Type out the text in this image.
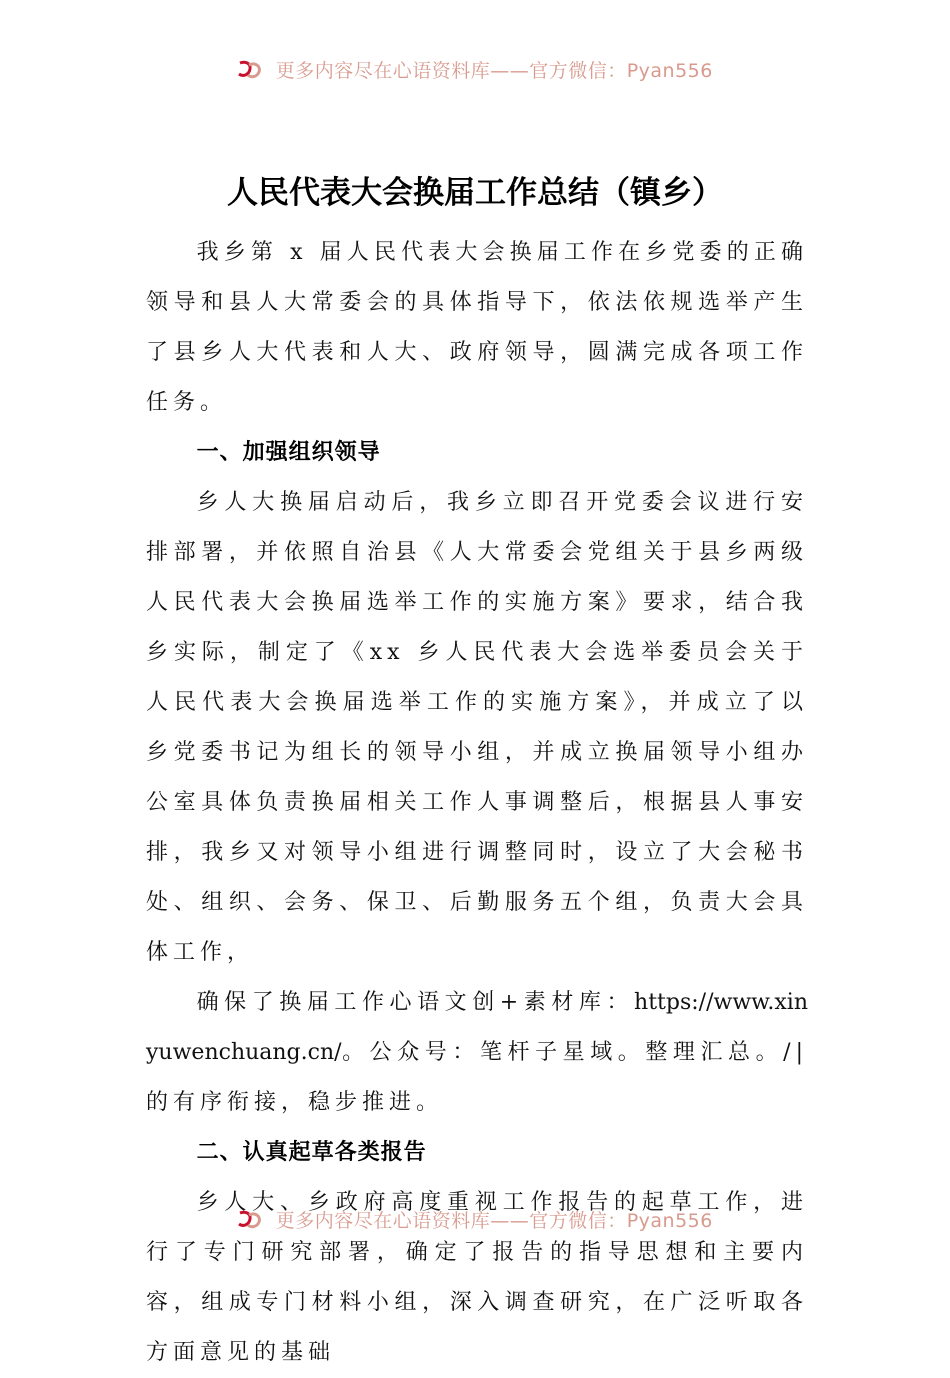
更多内容尽在心语资料库——官方微信：Pyan556
人民代表大会换届工作总结（镇乡）

我乡第 x 届人民代表大会换届工作在乡党委的正确领导和县人大常委会的具体指导下，依法依规选举产生了县乡人大代表和人大、政府领导，圆满完成各项工作任务。

一、加强组织领导

乡人大换届启动后，我乡立即召开党委会议进行安排部署，并依照自治县《人大常委会党组关于县乡两级人民代表大会换届选举工作的实施方案》要求，结合我乡实际，制定了《xx 乡人民代表大会选举委员会关于人民代表大会换届选举工作的实施方案》，并成立了以乡党委书记为组长的领导小组，并成立换届领导小组办公室具体负责换届相关工作人事调整后，根据县人事安排，我乡又对领导小组进行调整同时，设立了大会秘书处、组织、会务、保卫、后勤服务五个组，负责大会具体工作，

确保了换届工作心语文创+素材库：https://www.xinyuwenchuang.cn/。公众号：笔杆子星域。整理汇总。/|的有序衔接，稳步推进。

二、认真起草各类报告

乡人大、乡政府高度重视工作报告的起草工作，进行了专门研究部署，确定了报告的指导思想和主要内容，组成专门材料小组，深入调查研究，在广泛听取各方面意见的基础

更多内容尽在心语资料库——官方微信：Pyan556
